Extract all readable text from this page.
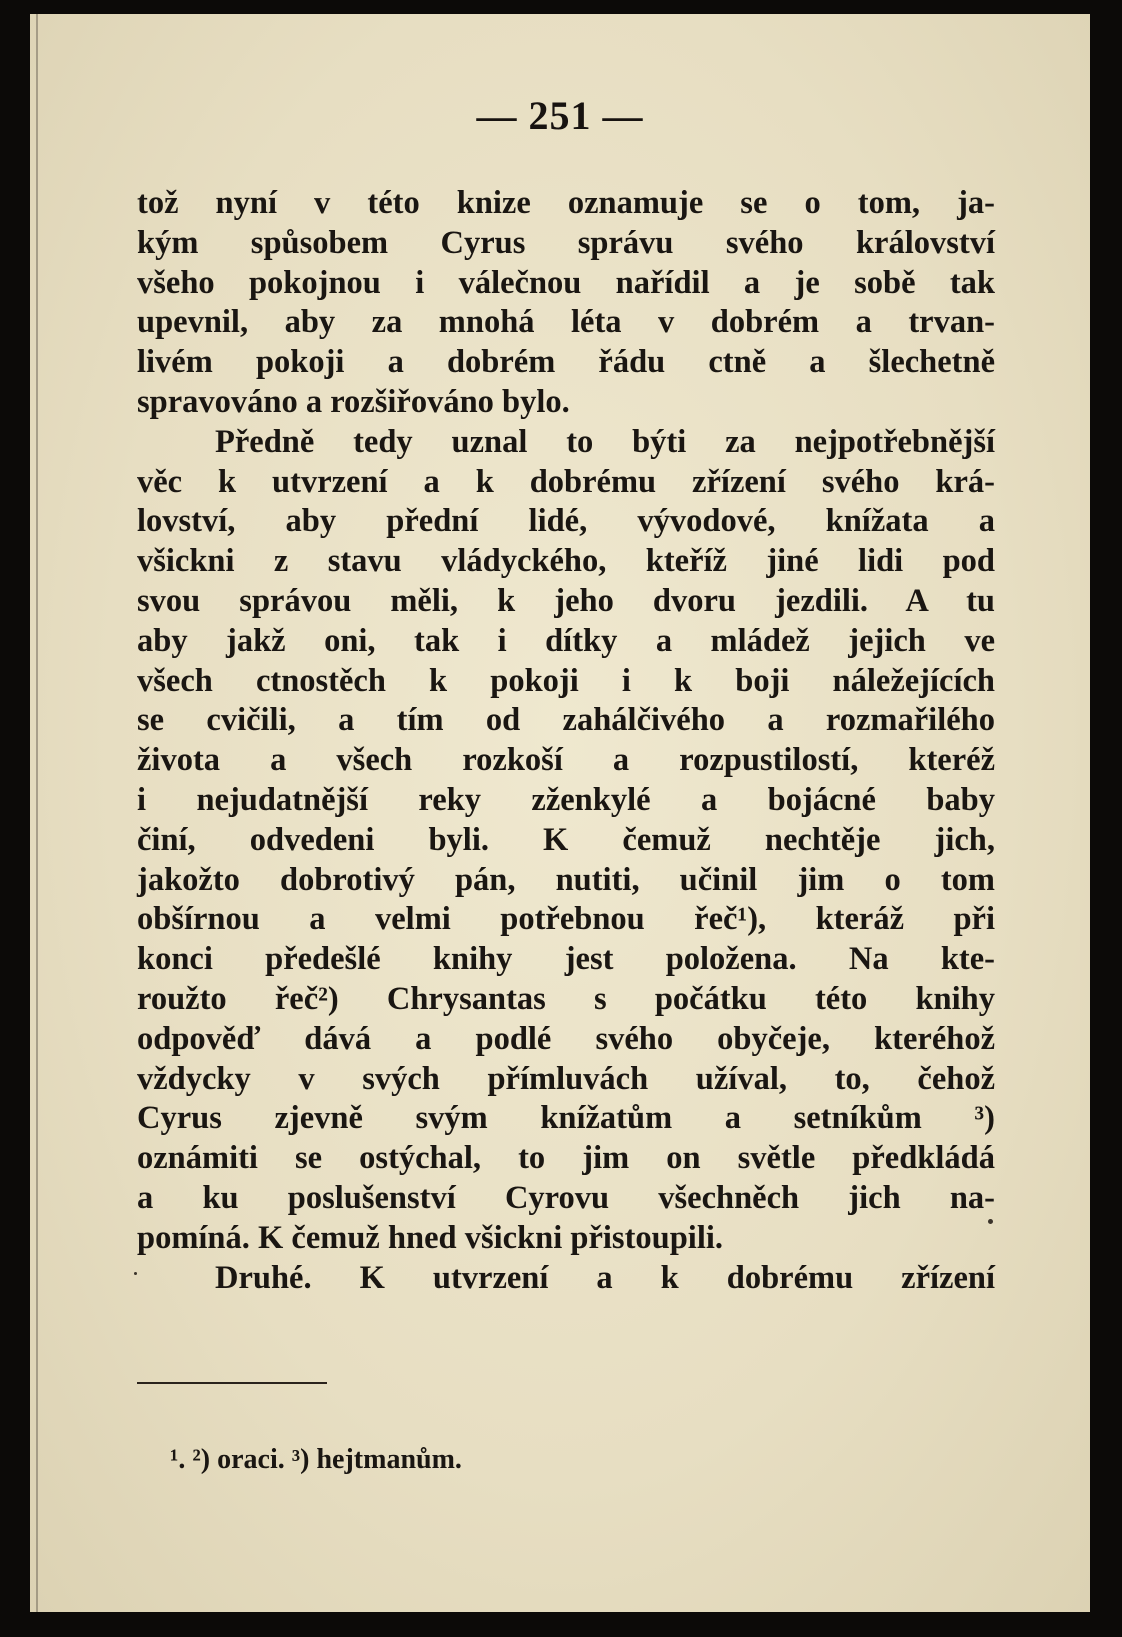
— 251 —
tož nyní v této knize oznamuje se o tom, ja-
kým spůsobem Cyrus správu svého království
všeho pokojnou i válečnou nařídil a je sobě tak
upevnil, aby za mnohá léta v dobrém a trvan-
livém pokoji a dobrém řádu ctně a šlechetně
spravováno a rozšiřováno bylo.
Předně tedy uznal to býti za nejpotřebnější
věc k utvrzení a k dobrému zřízení svého krá-
lovství, aby přední lidé, vývodové, knížata a
všickni z stavu vládyckého, kteříž jiné lidi pod
svou správou měli, k jeho dvoru jezdili. A tu
aby jakž oni, tak i dítky a mládež jejich ve
všech ctnostěch k pokoji i k boji náležejících
se cvičili, a tím od zahálčivého a rozmařilého
života a všech rozkoší a rozpustilostí, kteréž
i nejudatnější reky zženkylé a bojácné baby
činí, odvedeni byli. K čemuž nechtěje jich,
jakožto dobrotivý pán, nutiti, učinil jim o tom
obšírnou a velmi potřebnou řeč¹), kteráž při
konci předešlé knihy jest položena. Na kte-
roužto řeč²) Chrysantas s počátku této knihy
odpověď dává a podlé svého obyčeje, kteréhož
vždycky v svých přímluvách užíval, to, čehož
Cyrus zjevně svým knížatům a setníkům ³)
oznámiti se ostýchal, to jim on světle předkládá
a ku poslušenství Cyrovu všechněch jich na-
pomíná. K čemuž hned všickni přistoupili.
Druhé. K utvrzení a k dobrému zřízení
¹. ²) oraci. ³) hejtmanům.
